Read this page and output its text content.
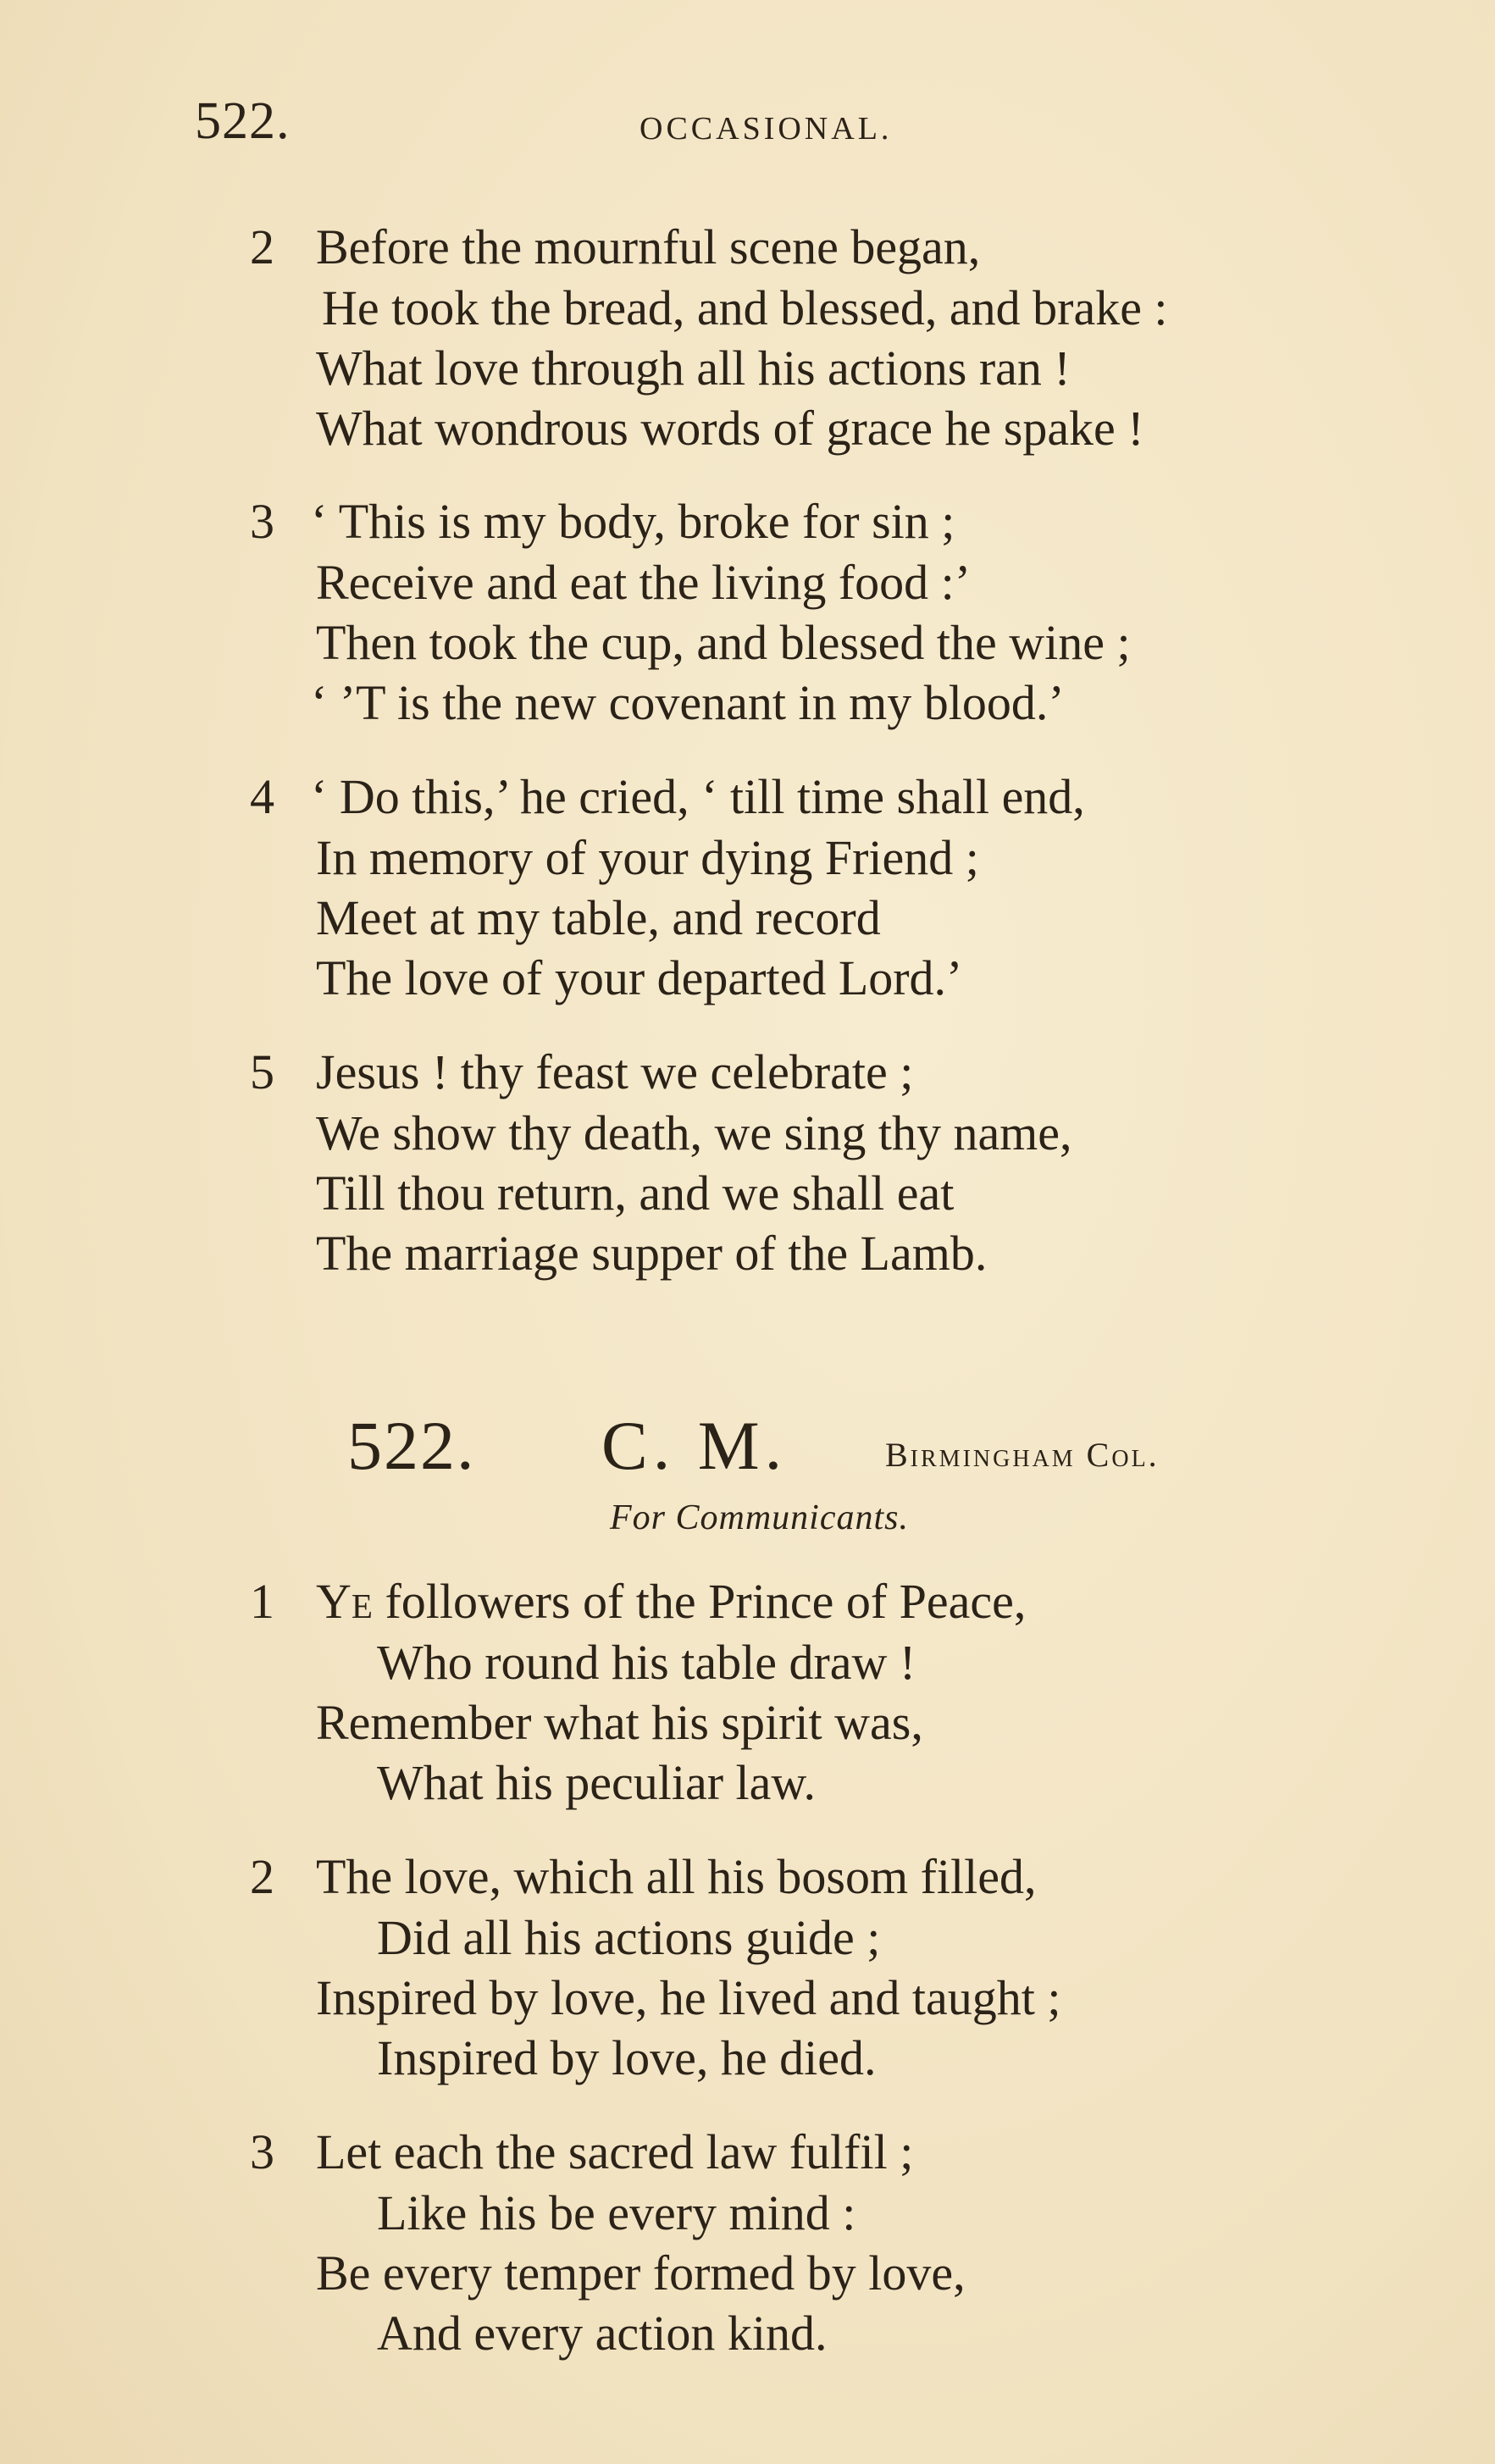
522.	OCCASIONAL.
2 Before the mournful scene began,
He took the bread, and blessed, and brake :
What love through all his actions ran !
What wondrous words of grace he spake !
3 ‘ This is my body, broke for sin ;
Receive and eat the living food :’
Then took the cup, and blessed the wine ;
‘ ’T is the new covenant in my blood.’
4 ‘ Do this,’ he cried, ‘ till time shall end,
In memory of your dying Friend ;
Meet at my table, and record
The love of your departed Lord.’
5 Jesus ! thy feast we celebrate ;
We show thy death, we sing thy name,
Till thou return, and we shall eat
The marriage supper of the Lamb.
522. C. M.	Birmingham Col.
For Communicants.
1 Ye followers of the Prince of Peace,
Who round his table draw !
Remember what his spirit was,
What his peculiar law.
2 The love, which all his bosom filled,
Did all his actions guide ;
Inspired by love, he lived and taught ;
Inspired by love, he died.
3 Let each the sacred law fulfil ;
Like his be every mind :
Be every temper formed by love,
And every action kind.
